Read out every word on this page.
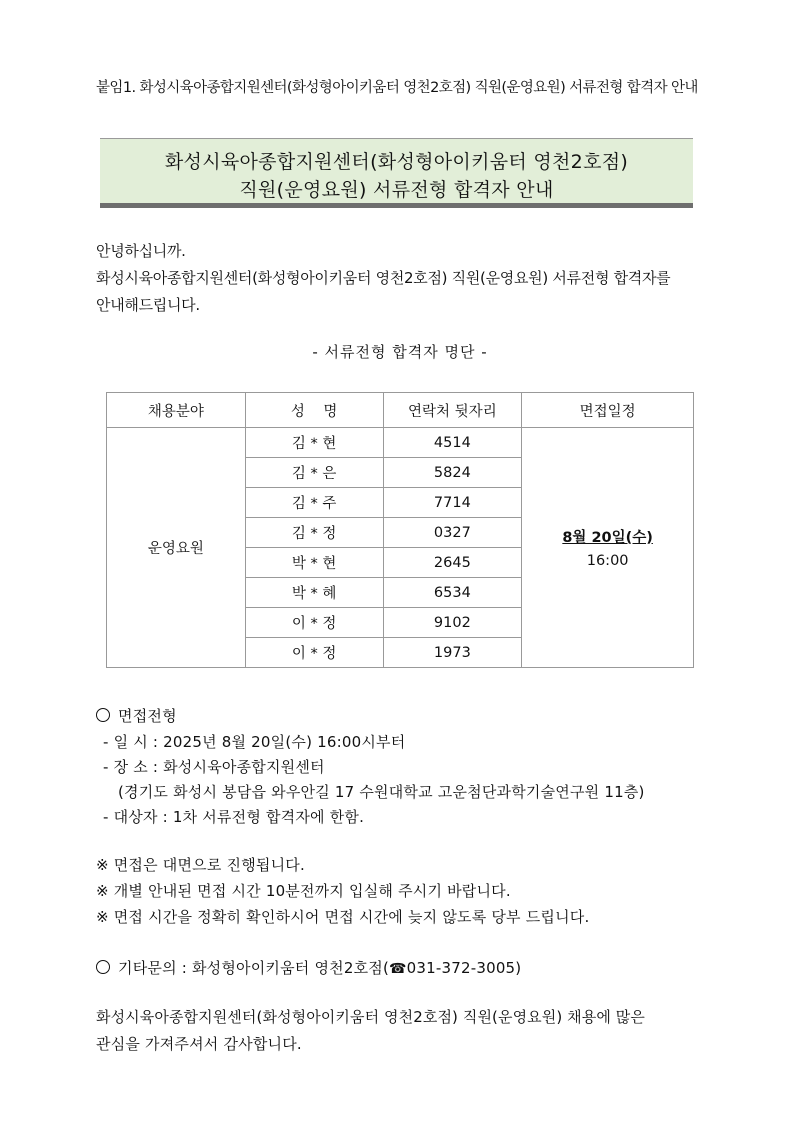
붙임1. 화성시육아종합지원센터(화성형아이키움터 영천2호점) 직원(운영요원) 서류전형 합격자 안내
화성시육아종합지원센터(화성형아이키움터 영천2호점)
직원(운영요원) 서류전형 합격자 안내
안녕하십니까.
화성시육아종합지원센터(화성형아이키움터 영천2호점) 직원(운영요원) 서류전형 합격자를
안내해드립니다.
- 서류전형 합격자 명단 -
채용분야	성    명	연락처 뒷자리	면접일정
운영요원	김 * 현	4514	8월 20일(수)
16:00

	김 * 은	5824	
	김 * 주	7714	
	김 * 정	0327	
	박 * 현	2645	
	박 * 혜	6534	
	이 * 정	9102	
	이 * 정	1973	
면접전형
- 일 시 : 2025년 8월 20일(수) 16:00시부터
- 장 소 : 화성시육아종합지원센터
(경기도 화성시 봉담읍 와우안길 17 수원대학교 고운첨단과학기술연구원 11층)
- 대상자 : 1차 서류전형 합격자에 한함.
※ 면접은 대면으로 진행됩니다.
※ 개별 안내된 면접 시간 10분전까지 입실해 주시기 바랍니다.
※ 면접 시간을 정확히 확인하시어 면접 시간에 늦지 않도록 당부 드립니다.
기타문의 : 화성형아이키움터 영천2호점(☎031-372-3005)
화성시육아종합지원센터(화성형아이키움터 영천2호점) 직원(운영요원) 채용에 많은
관심을 가져주셔서 감사합니다.
